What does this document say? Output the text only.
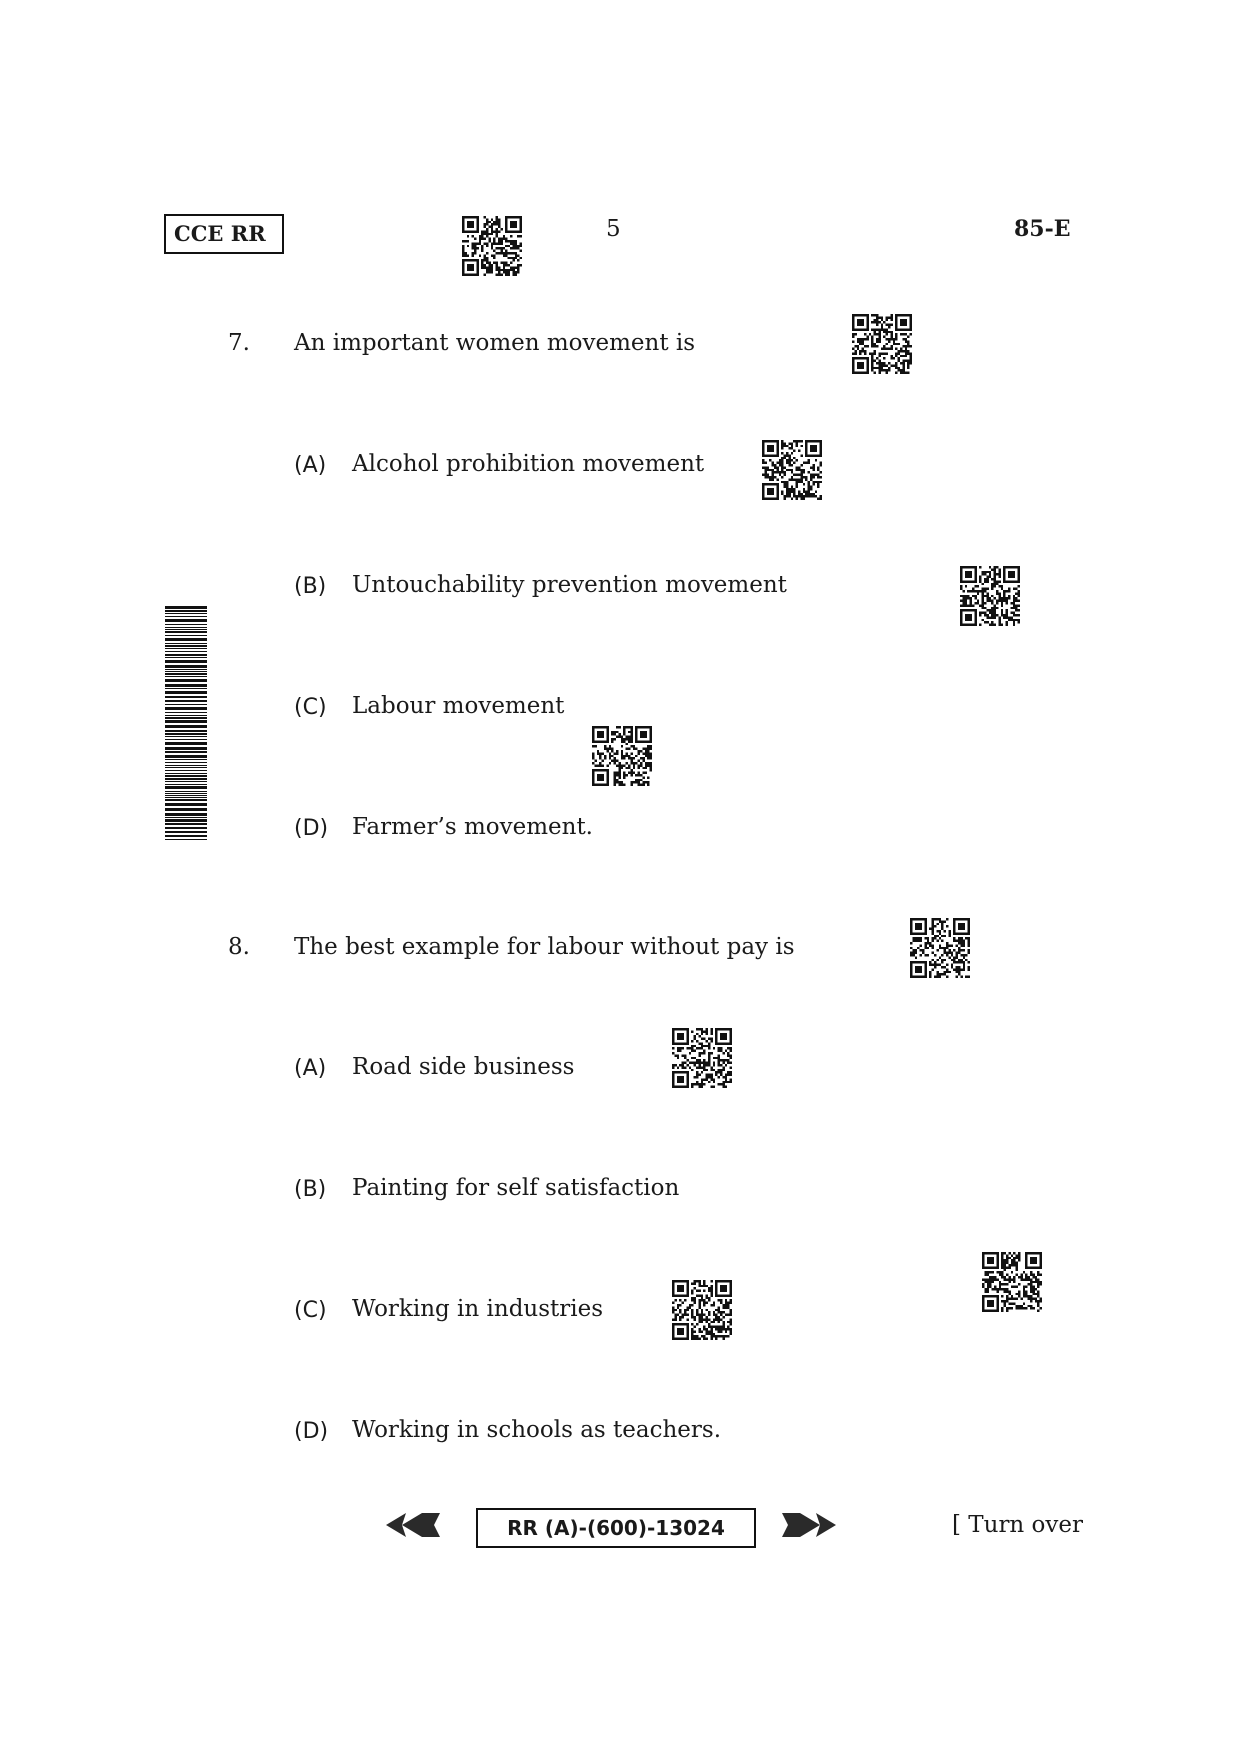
CCE RR	5	85-E
7. An important women movement is
(A) Alcohol prohibition movement
(B) Untouchability prevention movement
(C) Labour movement
(D) Farmer’s movement.
8. The best example for labour without pay is
(A) Road side business
(B) Painting for self satisfaction
(C) Working in industries
(D) Working in schools as teachers.
RR (A)-(600)-13024	[ Turn over
